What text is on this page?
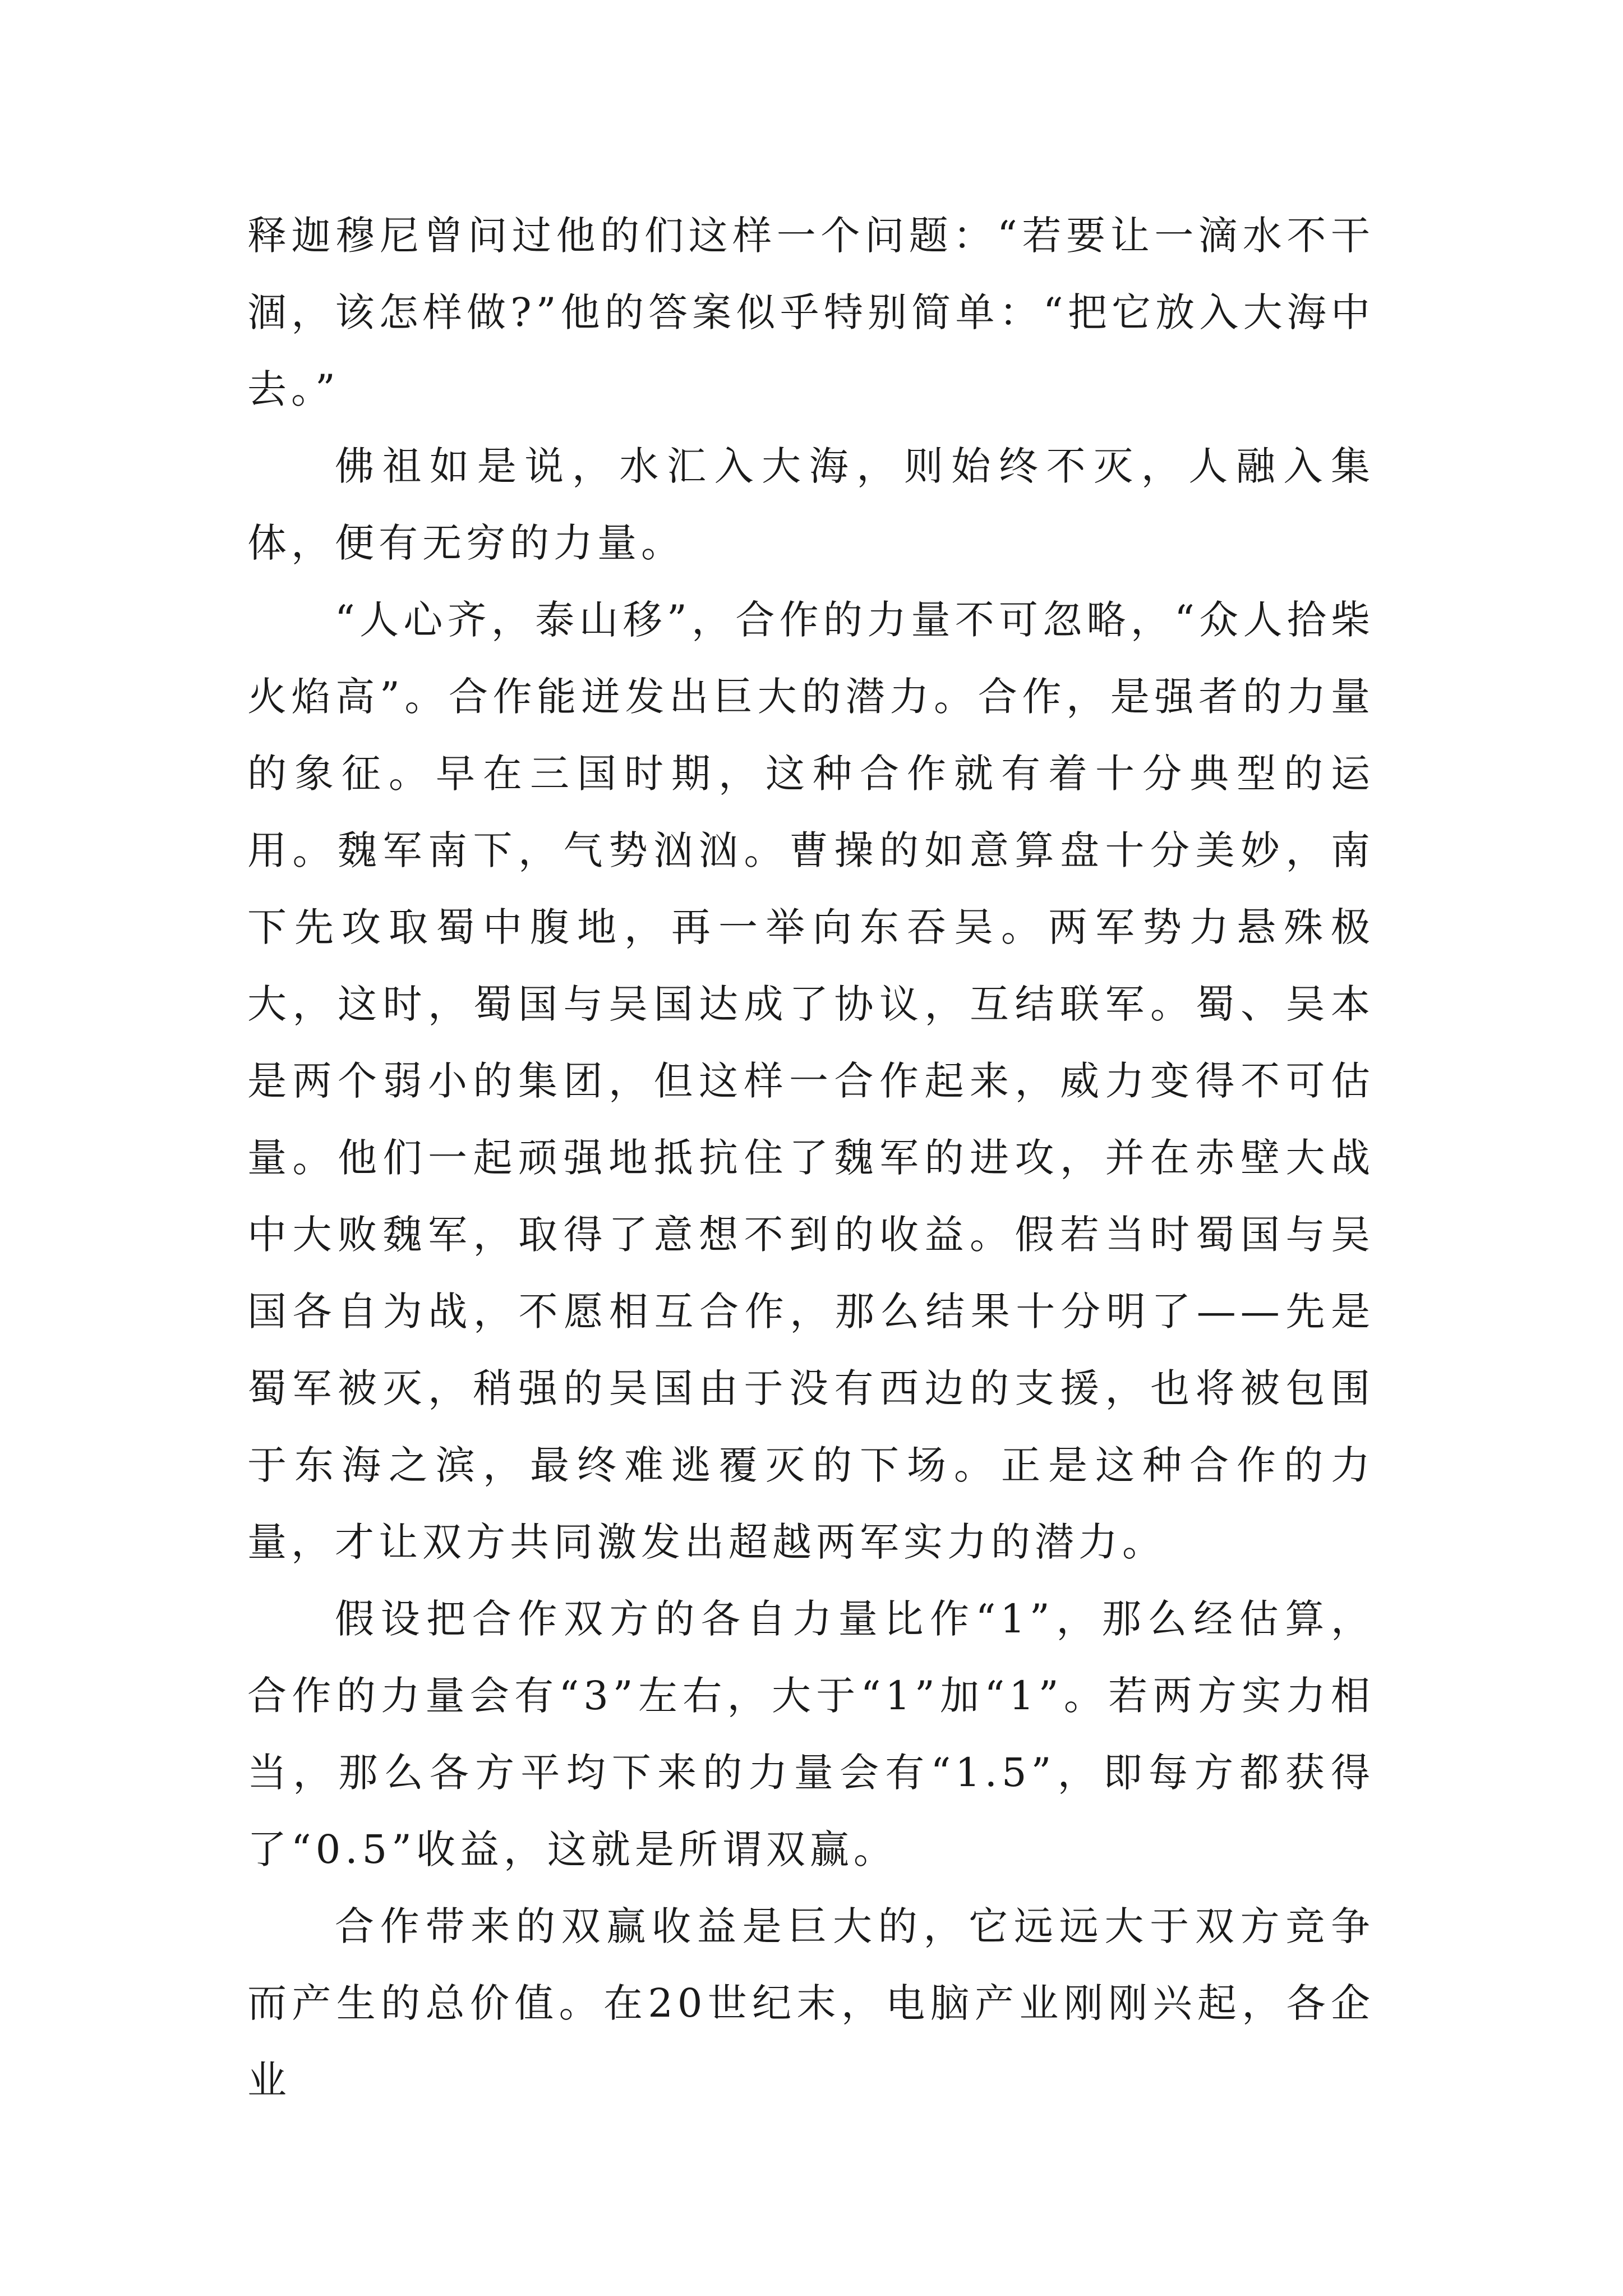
释迦穆尼曾问过他的们这样一个问题：“若要让一滴水不干涸，该怎样做?”他的答案似乎特别简单：“把它放入大海中去。”

佛祖如是说，水汇入大海，则始终不灭，人融入集体，便有无穷的力量。

“人心齐，泰山移”，合作的力量不可忽略，“众人拾柴火焰高”。合作能迸发出巨大的潜力。合作，是强者的力量的象征。早在三国时期，这种合作就有着十分典型的运用。魏军南下，气势汹汹。曹操的如意算盘十分美妙，南下先攻取蜀中腹地，再一举向东吞吴。两军势力悬殊极大，这时，蜀国与吴国达成了协议，互结联军。蜀、吴本是两个弱小的集团，但这样一合作起来，威力变得不可估量。他们一起顽强地抵抗住了魏军的进攻，并在赤壁大战中大败魏军，取得了意想不到的收益。假若当时蜀国与吴国各自为战，不愿相互合作，那么结果十分明了——先是蜀军被灭，稍强的吴国由于没有西边的支援，也将被包围于东海之滨，最终难逃覆灭的下场。正是这种合作的力量，才让双方共同激发出超越两军实力的潜力。

假设把合作双方的各自力量比作“1”，那么经估算，合作的力量会有“3”左右，大于“1”加“1”。若两方实力相当，那么各方平均下来的力量会有“1.5”，即每方都获得了“0.5”收益，这就是所谓双赢。

合作带来的双赢收益是巨大的，它远远大于双方竞争而产生的总价值。在20世纪末，电脑产业刚刚兴起，各企业
